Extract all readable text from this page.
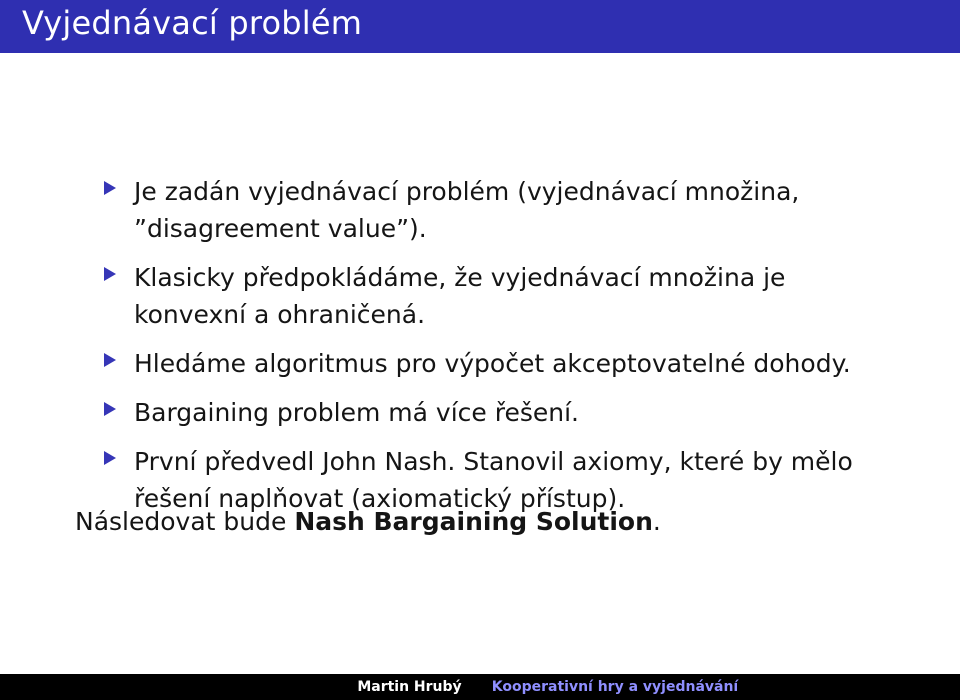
Vyjednávací problém
Je zadán vyjednávací problém (vyjednávací množina, ”disagreement value”).
Klasicky předpokládáme, že vyjednávací množina je konvexní a ohraničená.
Hledáme algoritmus pro výpočet akceptovatelné dohody.
Bargaining problem má více řešení.
První předvedl John Nash. Stanovil axiomy, které by mělo řešení naplňovat (axiomatický přístup).
Následovat bude Nash Bargaining Solution.
Martin Hrubý	Kooperativní hry a vyjednávání
